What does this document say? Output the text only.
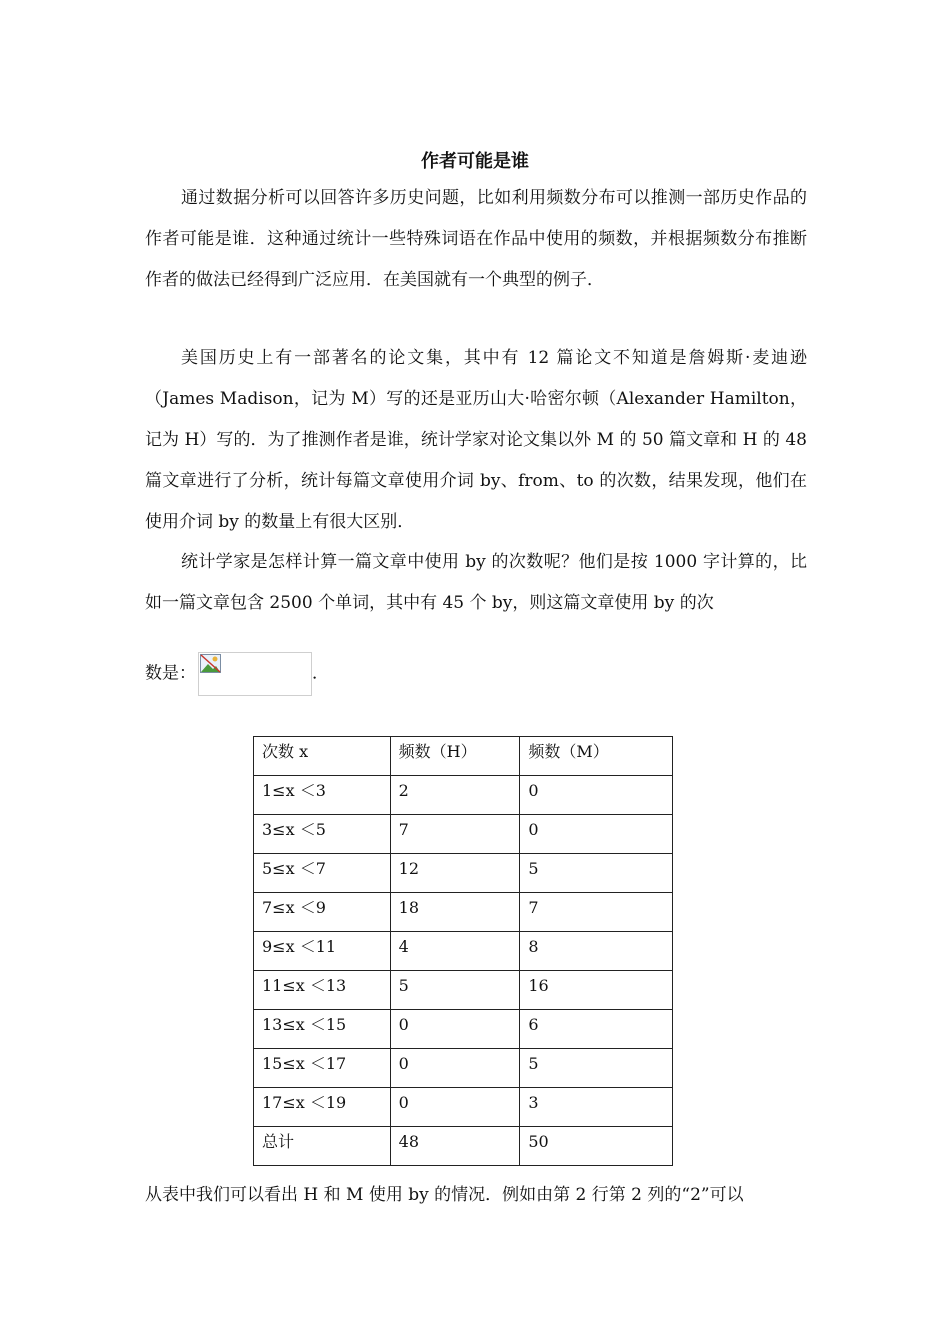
作者可能是谁

通过数据分析可以回答许多历史问题，比如利用频数分布可以推测一部历史作品的作者可能是谁．这种通过统计一些特殊词语在作品中使用的频数，并根据频数分布推断作者的做法已经得到广泛应用．在美国就有一个典型的例子．

美国历史上有一部著名的论文集，其中有 12 篇论文不知道是詹姆斯·麦迪逊（James Madison，记为 M）写的还是亚历山大·哈密尔顿（Alexander Hamilton，记为 H）写的．为了推测作者是谁，统计学家对论文集以外 M 的 50 篇文章和 H 的 48 篇文章进行了分析，统计每篇文章使用介词 by、from、to 的次数，结果发现，他们在使用介词 by 的数量上有很大区别．

统计学家是怎样计算一篇文章中使用 by 的次数呢？他们是按 1000 字计算的，比如一篇文章包含 2500 个单词，其中有 45 个 by，则这篇文章使用 by 的次

数是：	．
次数 x	频数（H）	频数（M）
1≤x ＜3	2	0
3≤x ＜5	7	0
5≤x ＜7	12	5
7≤x ＜9	18	7
9≤x ＜11	4	8
11≤x ＜13	5	16
13≤x ＜15	0	6
15≤x ＜17	0	5
17≤x ＜19	0	3
总计	48	50

从表中我们可以看出 H 和 M 使用 by 的情况．例如由第 2 行第 2 列的“2”可以
